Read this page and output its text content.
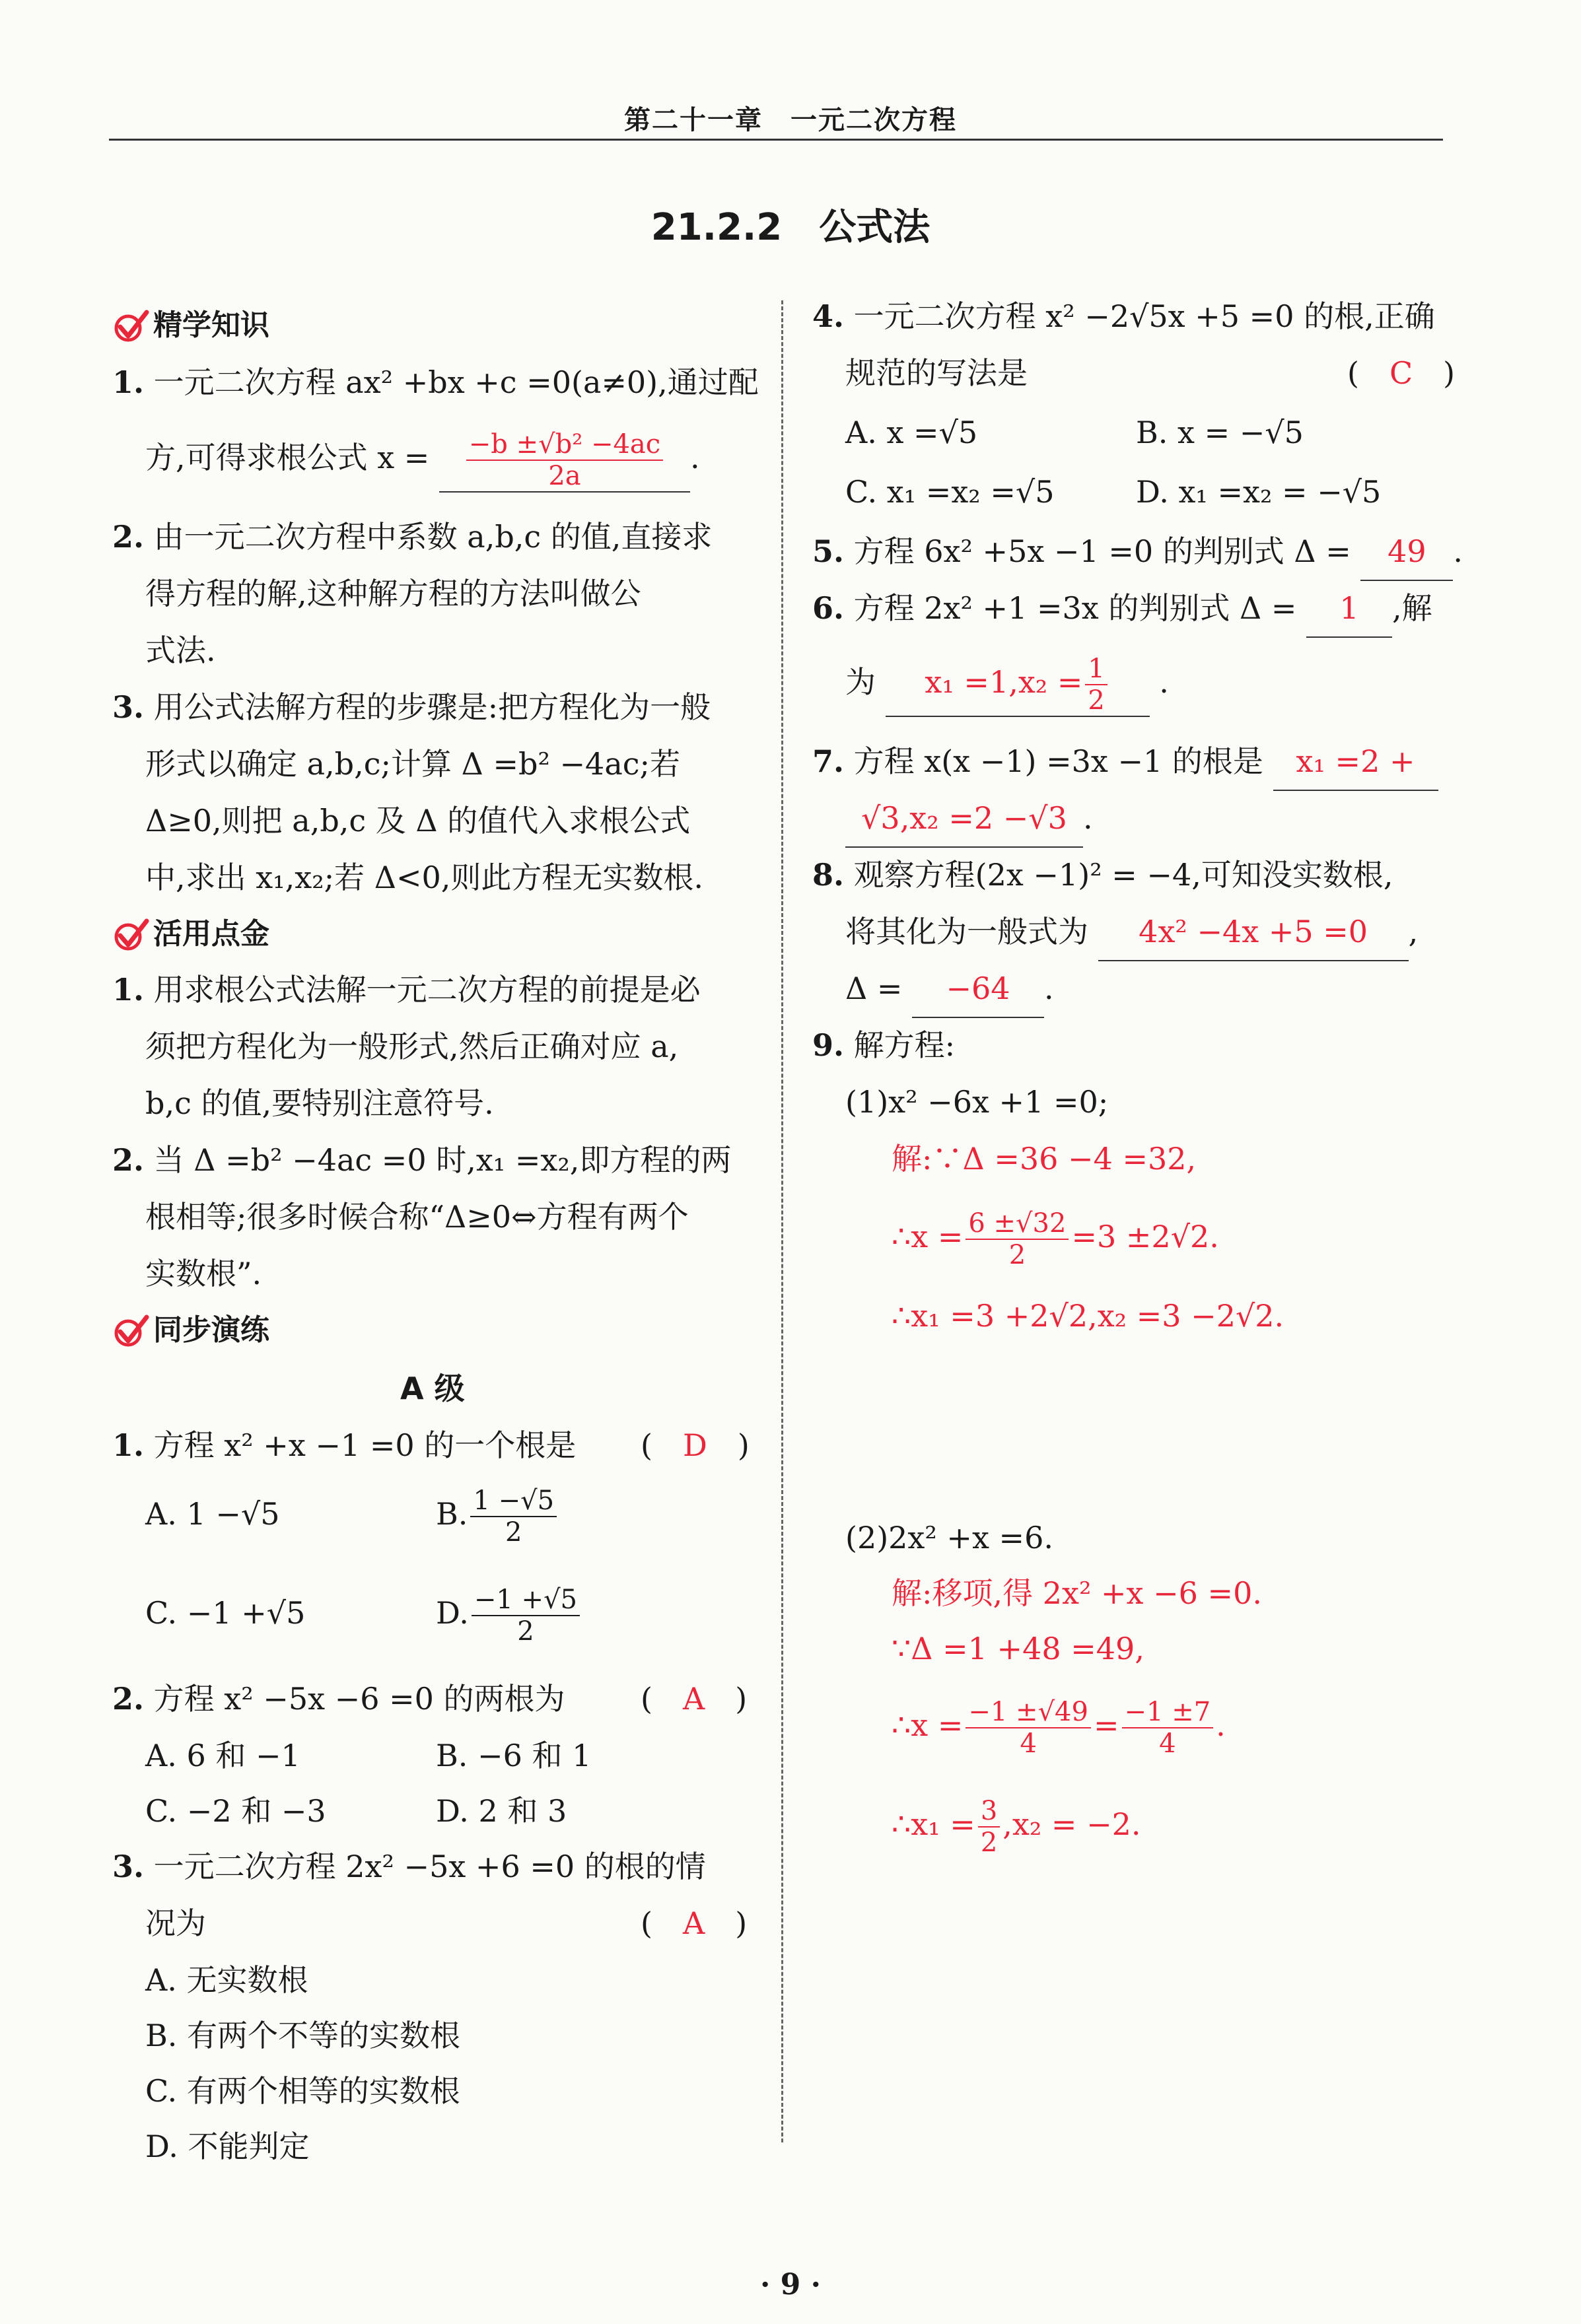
第二十一章　一元二次方程
21.2.2　公式法
精学知识
1. 一元二次方程 ax² +bx +c =0(a≠0),通过配
方,可得求根公式 $x = \frac{\text{−b ±√b² −4ac}}{2a}$ .
2. 由一元二次方程中系数 a,b,c 的值,直接求
得方程的解,这种解方程的方法叫做公
式法.
3. 用公式法解方程的步骤是:把方程化为一般
形式以确定 a,b,c;计算 Δ =b² −4ac;若
Δ≥0,则把 a,b,c 及 Δ 的值代入求根公式
中,求出 x₁,x₂;若 Δ<0,则此方程无实数根.
活用点金
1. 用求根公式法解一元二次方程的前提是必
须把方程化为一般形式,然后正确对应 a,
b,c 的值,要特别注意符号.
2. 当 Δ =b² −4ac =0 时,x₁ =x₂,即方程的两
根相等;很多时候合称“Δ≥0⇔方程有两个
实数根”.
同步演练
A 级
1. 方程 x² +x −1 =0 的一个根是 (　D　)
A. 1 −√5	B. $\frac{1 -√5}{2}$
C. −1 +√5	D. $\frac{-1 +√5}{2}$
2. 方程 x² −5x −6 =0 的两根为 (　A　)
A. 6 和 −1	B. −6 和 1
C. −2 和 −3	D. 2 和 3
3. 一元二次方程 2x² −5x +6 =0 的根的情
况为	(　A　)
A. 无实数根
B. 有两个不等的实数根
C. 有两个相等的实数根
D. 不能判定
4. 一元二次方程 x² −2√5x +5 =0 的根,正确
规范的写法是	(　C　)
A. x =√5	B. x = −√5
C. x₁ =x₂ =√5	D. x₁ =x₂ = −√5
5. 方程 6x² +5x −1 =0 的判别式 Δ = 49 .
6. 方程 2x² +1 =3x 的判别式 Δ = 1 ,解
为 $x_1 =1,x_2 = \frac{1}{2}$ .
7. 方程 x(x −1) =3x −1 的根是 x₁ =2 +
√3,x₂ =2 −√3 .
8. 观察方程(2x −1)² = −4,可知没实数根,
将其化为一般式为 4x² −4x +5 =0 ,
Δ = −64 .
9. 解方程:
(1)x² −6x +1 =0;
解:∵Δ =36 −4 =32,
∴x = $\frac{6 \pm√32}{2} =3 \pm 2√2$.
∴x₁ =3 +2√2,x₂ =3 −2√2.
(2)2x² +x =6.
解:移项,得 2x² +x −6 =0.
∵Δ =1 +48 =49,
∴x = $\frac{-1 \pm√49}{4} = \frac{-1 \pm 7}{4}$ .
∴x₁ = $\frac{3}{2} ,x_2 = -2$.
· 9 ·
